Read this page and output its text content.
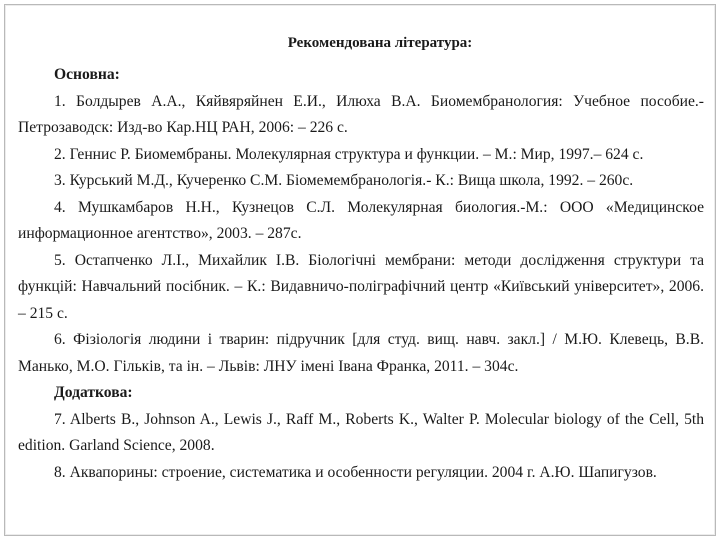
Рекомендована література:

Основна:

1. Болдырев А.А., Кяйвяряйнен Е.И., Илюха В.А. Биомембранология: Учебное пособие.- Петрозаводск: Изд-во Кар.НЦ РАН, 2006: – 226 с.

2. Геннис Р. Биомембраны. Молекулярная структура и функции. – М.: Мир, 1997.– 624 с.

3. Курський М.Д., Кучеренко С.М. Біомемембранологія.- К.: Вища школа, 1992. – 260с.

4. Мушкамбаров Н.Н., Кузнецов С.Л. Молекулярная биология.-М.: ООО «Медицинское информационное агентство», 2003. – 287с.

5. Остапченко Л.І., Михайлик І.В. Біологічні мембрани: методи дослідження структури та функцій: Навчальний посібник. – К.: Видавничо-поліграфічний центр «Київський університет», 2006. – 215 с.

6. Фізіологія людини і тварин: підручник [для студ. вищ. навч. закл.] / М.Ю. Клевець, В.В. Манько, М.О. Гільків, та ін. – Львів: ЛНУ імені Івана Франка, 2011. – 304с.

Додаткова:

7. Alberts B., Johnson A., Lewis J., Raff M., Roberts K., Walter P. Molecular biology of the Cell, 5th edition. Garland Science, 2008.

8. Аквапорины: строение, систематика и особенности регуляции. 2004 г. А.Ю. Шапигузов.
